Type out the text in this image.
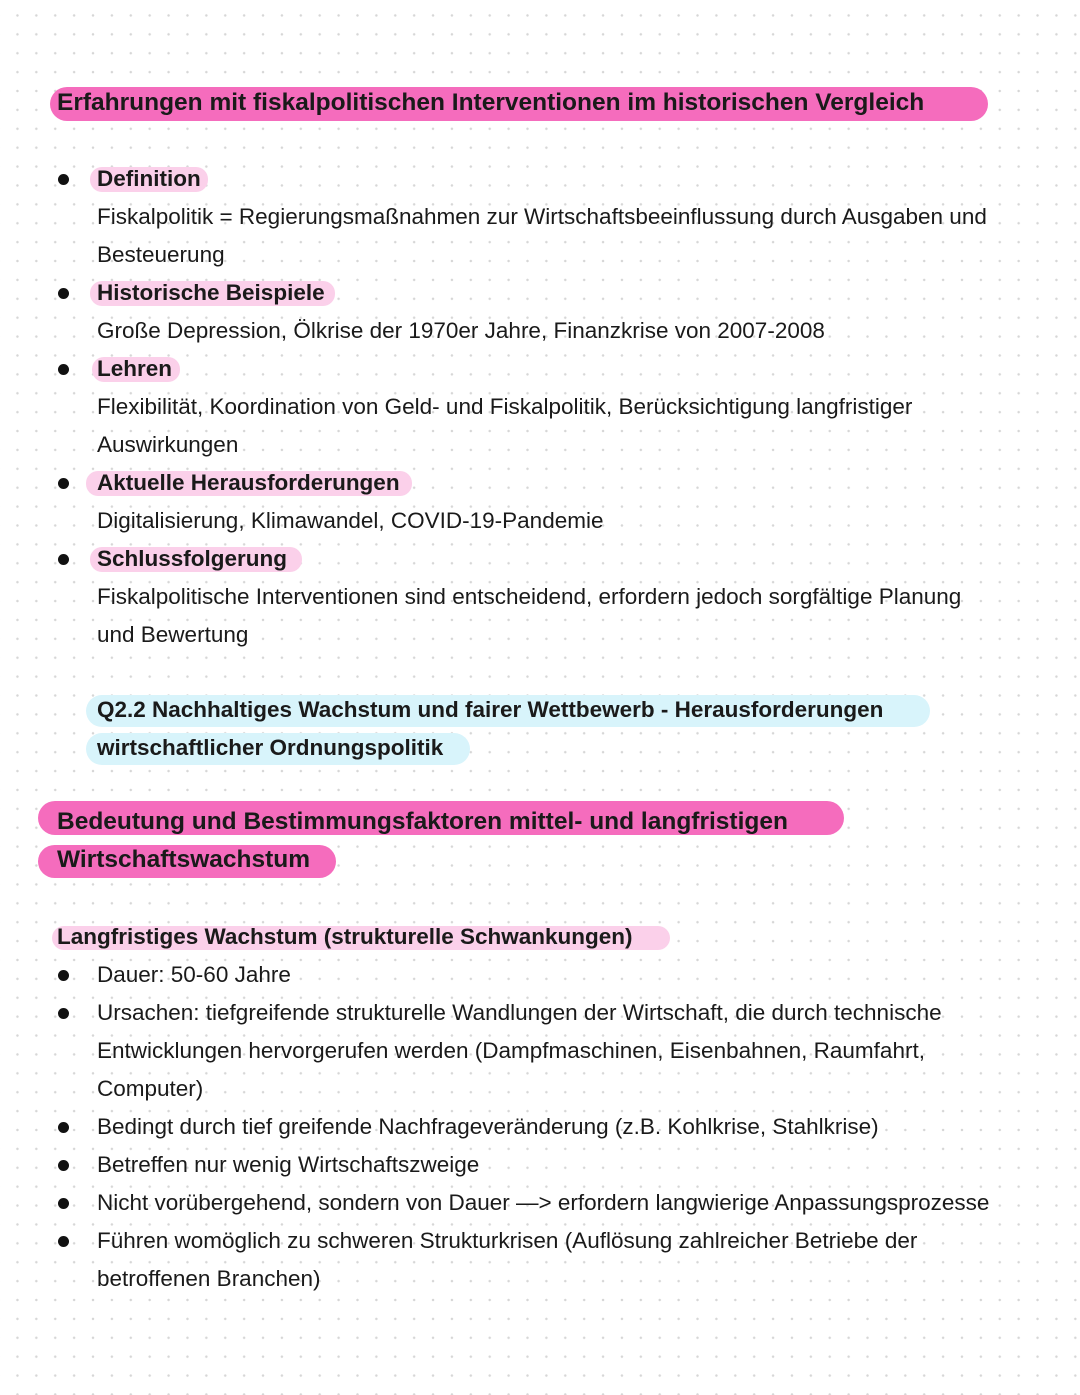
Erfahrungen mit fiskalpolitischen Interventionen im historischen Vergleich
Definition
Fiskalpolitik = Regierungsmaßnahmen zur Wirtschaftsbeeinflussung durch Ausgaben und
Besteuerung
Historische Beispiele
Große Depression, Ölkrise der 1970er Jahre, Finanzkrise von 2007-2008
Lehren
Flexibilität, Koordination von Geld- und Fiskalpolitik, Berücksichtigung langfristiger
Auswirkungen
Aktuelle Herausforderungen
Digitalisierung, Klimawandel, COVID-19-Pandemie
Schlussfolgerung
Fiskalpolitische Interventionen sind entscheidend, erfordern jedoch sorgfältige Planung
und Bewertung
Q2.2 Nachhaltiges Wachstum und fairer Wettbewerb - Herausforderungen
wirtschaftlicher Ordnungspolitik
Bedeutung und Bestimmungsfaktoren mittel- und langfristigen
Wirtschaftswachstum
Langfristiges Wachstum (strukturelle Schwankungen)
Dauer: 50-60 Jahre
Ursachen: tiefgreifende strukturelle Wandlungen der Wirtschaft, die durch technische
Entwicklungen hervorgerufen werden (Dampfmaschinen, Eisenbahnen, Raumfahrt,
Computer)
Bedingt durch tief greifende Nachfrageveränderung (z.B. Kohlkrise, Stahlkrise)
Betreffen nur wenig Wirtschaftszweige
Nicht vorübergehend, sondern von Dauer —> erfordern langwierige Anpassungsprozesse
Führen womöglich zu schweren Strukturkrisen (Auflösung zahlreicher Betriebe der
betroffenen Branchen)
